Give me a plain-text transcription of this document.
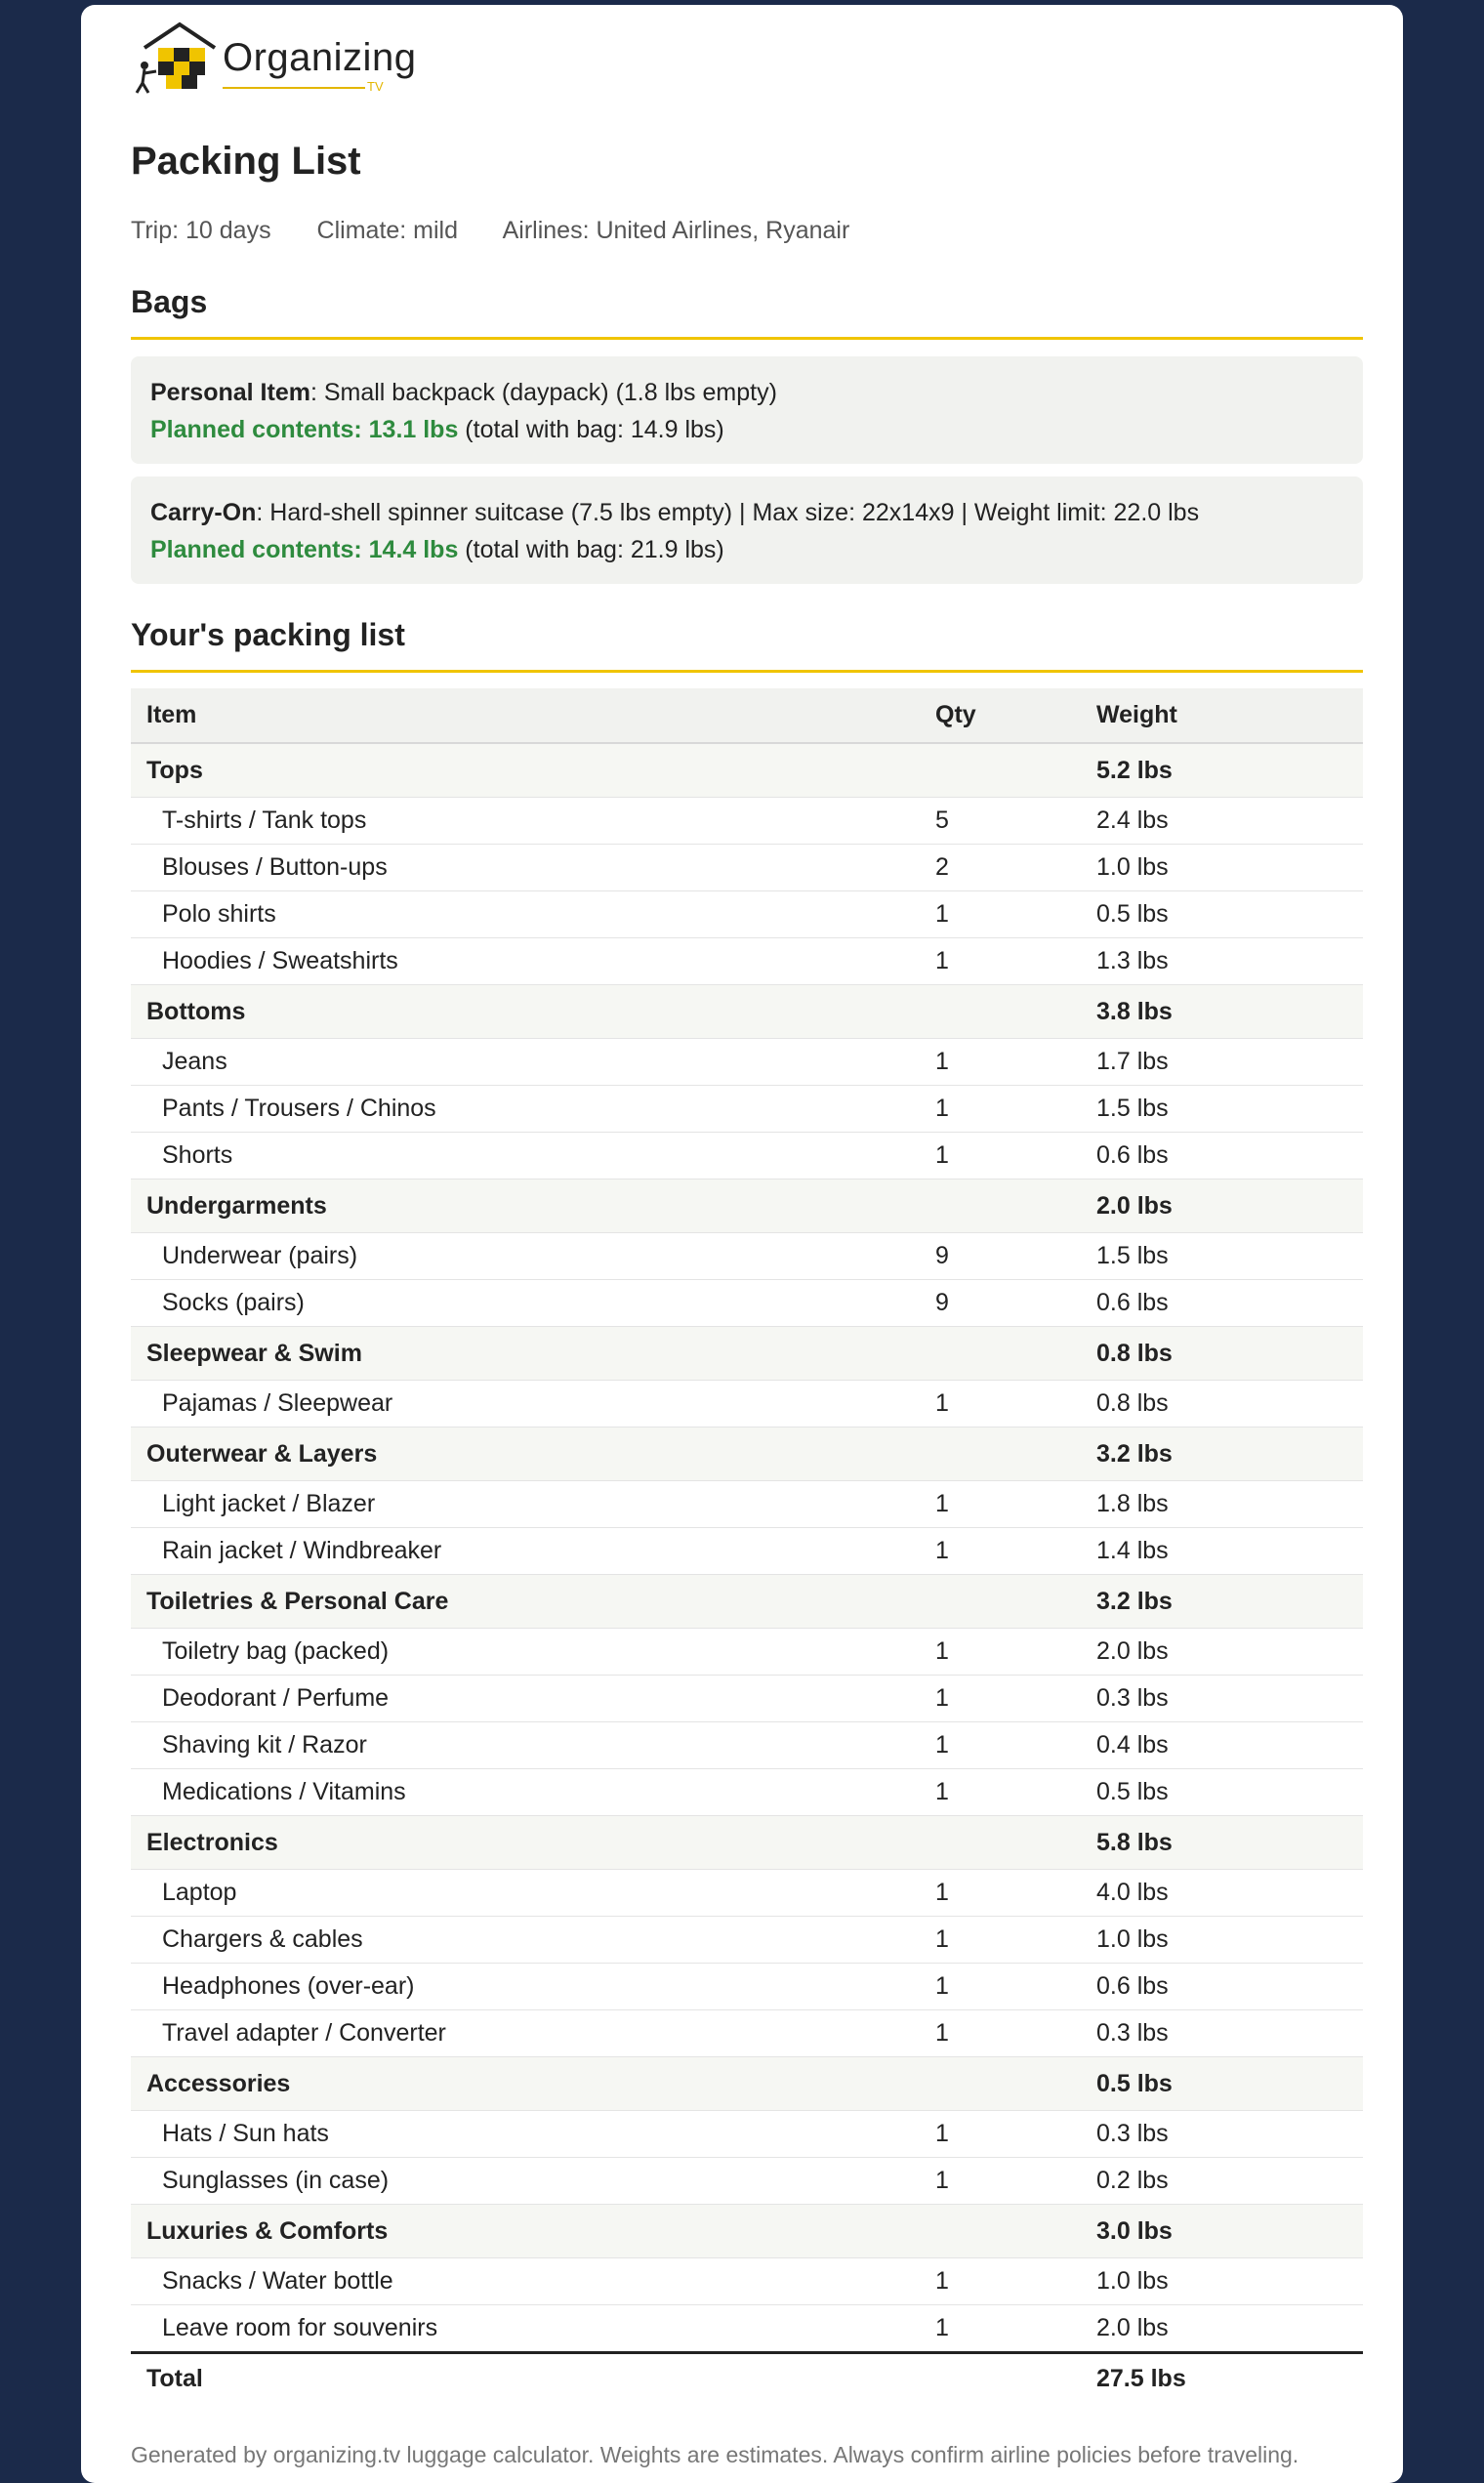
Organizing
TV
Packing List
Trip: 10 days Climate: mild Airlines: United Airlines, Ryanair
Bags
Personal Item: Small backpack (daypack) (1.8 lbs empty)
Planned contents: 13.1 lbs (total with bag: 14.9 lbs)
Carry-On: Hard-shell spinner suitcase (7.5 lbs empty) | Max size: 22x14x9 | Weight limit: 22.0 lbs
Planned contents: 14.4 lbs (total with bag: 21.9 lbs)
Your's packing list
Item	Qty	Weight
Tops		5.2 lbs
T-shirts / Tank tops	5	2.4 lbs
Blouses / Button-ups	2	1.0 lbs
Polo shirts	1	0.5 lbs
Hoodies / Sweatshirts	1	1.3 lbs
Bottoms		3.8 lbs
Jeans	1	1.7 lbs
Pants / Trousers / Chinos	1	1.5 lbs
Shorts	1	0.6 lbs
Undergarments		2.0 lbs
Underwear (pairs)	9	1.5 lbs
Socks (pairs)	9	0.6 lbs
Sleepwear & Swim		0.8 lbs
Pajamas / Sleepwear	1	0.8 lbs
Outerwear & Layers		3.2 lbs
Light jacket / Blazer	1	1.8 lbs
Rain jacket / Windbreaker	1	1.4 lbs
Toiletries & Personal Care		3.2 lbs
Toiletry bag (packed)	1	2.0 lbs
Deodorant / Perfume	1	0.3 lbs
Shaving kit / Razor	1	0.4 lbs
Medications / Vitamins	1	0.5 lbs
Electronics		5.8 lbs
Laptop	1	4.0 lbs
Chargers & cables	1	1.0 lbs
Headphones (over-ear)	1	0.6 lbs
Travel adapter / Converter	1	0.3 lbs
Accessories		0.5 lbs
Hats / Sun hats	1	0.3 lbs
Sunglasses (in case)	1	0.2 lbs
Luxuries & Comforts		3.0 lbs
Snacks / Water bottle	1	1.0 lbs
Leave room for souvenirs	1	2.0 lbs
Total		27.5 lbs
Generated by organizing.tv luggage calculator. Weights are estimates. Always confirm airline policies before traveling.
